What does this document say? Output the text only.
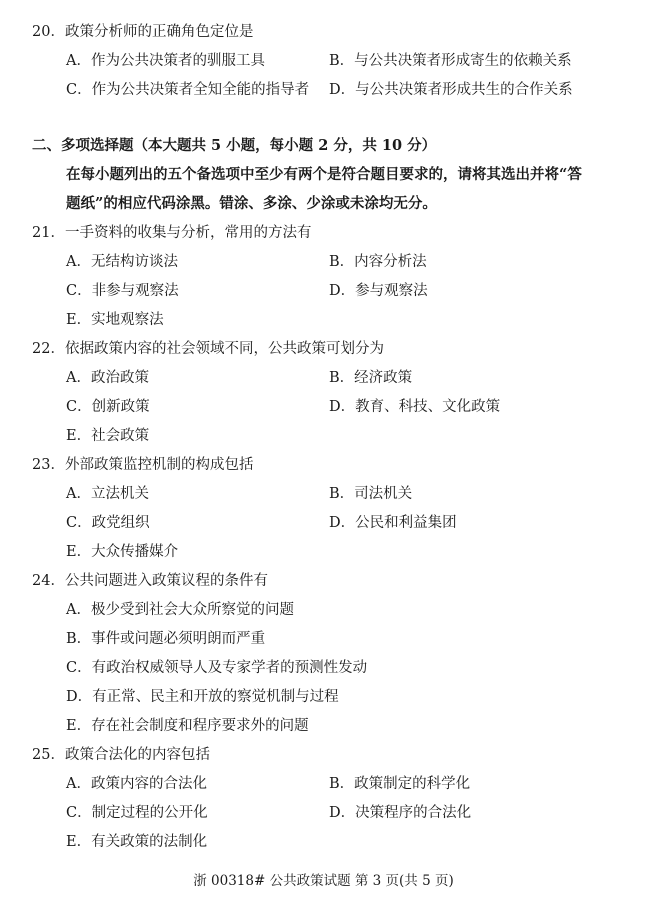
20．政策分析师的正确角色定位是
A．作为公共决策者的驯服工具	B．与公共决策者形成寄生的依赖关系
C．作为公共决策者全知全能的指导者 D．与公共决策者形成共生的合作关系
二、多项选择题（本大题共 5 小题，每小题 2 分，共 10 分）
在每小题列出的五个备选项中至少有两个是符合题目要求的，请将其选出并将“答
题纸”的相应代码涂黑。错涂、多涂、少涂或未涂均无分。
21．一手资料的收集与分析，常用的方法有
A．无结构访谈法	B．内容分析法
C．非参与观察法	D．参与观察法
E．实地观察法
22．依据政策内容的社会领域不同，公共政策可划分为
A．政治政策	B．经济政策
C．创新政策	D．教育、科技、文化政策
E．社会政策
23．外部政策监控机制的构成包括
A．立法机关	B．司法机关
C．政党组织	D．公民和利益集团
E．大众传播媒介
24．公共问题进入政策议程的条件有
A．极少受到社会大众所察觉的问题
B．事件或问题必须明朗而严重
C．有政治权威领导人及专家学者的预测性发动
D．有正常、民主和开放的察觉机制与过程
E．存在社会制度和程序要求外的问题
25．政策合法化的内容包括
A．政策内容的合法化	B．政策制定的科学化
C．制定过程的公开化	D．决策程序的合法化
E．有关政策的法制化
浙 00318# 公共政策试题 第 3 页(共 5 页)
